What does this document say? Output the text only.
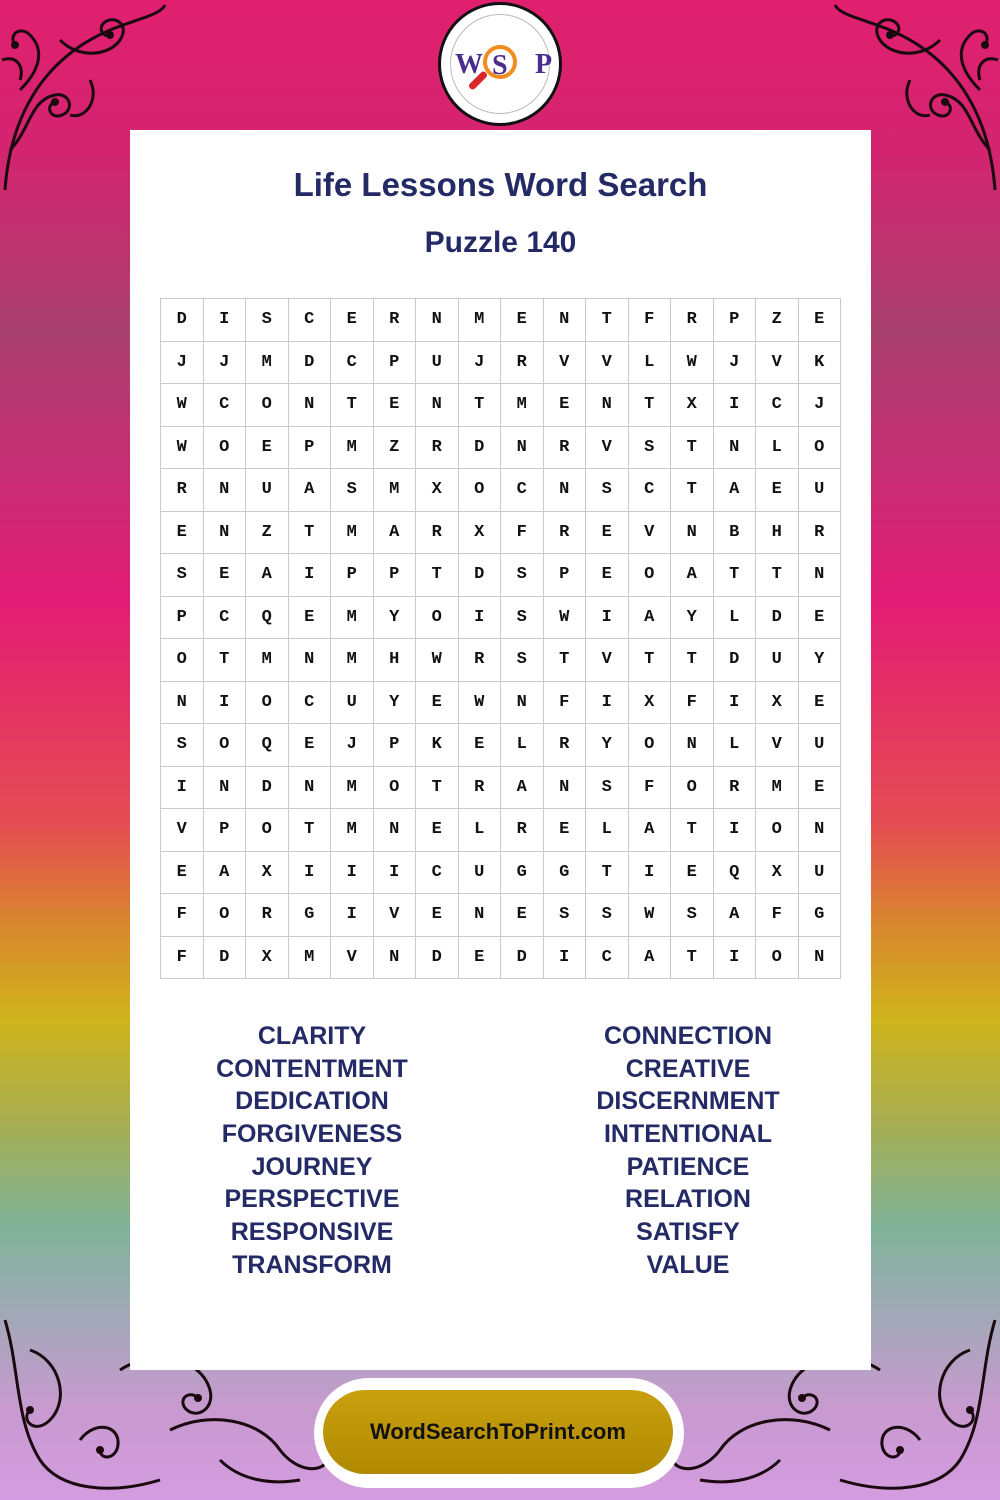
W S P
Life Lessons Word Search
Puzzle 140
D	I	S	C	E	R	N	M	E	N	T	F	R	P	Z	E
J	J	M	D	C	P	U	J	R	V	V	L	W	J	V	K
W	C	O	N	T	E	N	T	M	E	N	T	X	I	C	J
W	O	E	P	M	Z	R	D	N	R	V	S	T	N	L	O
R	N	U	A	S	M	X	O	C	N	S	C	T	A	E	U
E	N	Z	T	M	A	R	X	F	R	E	V	N	B	H	R
S	E	A	I	P	P	T	D	S	P	E	O	A	T	T	N
P	C	Q	E	M	Y	O	I	S	W	I	A	Y	L	D	E
O	T	M	N	M	H	W	R	S	T	V	T	T	D	U	Y
N	I	O	C	U	Y	E	W	N	F	I	X	F	I	X	E
S	O	Q	E	J	P	K	E	L	R	Y	O	N	L	V	U
I	N	D	N	M	O	T	R	A	N	S	F	O	R	M	E
V	P	O	T	M	N	E	L	R	E	L	A	T	I	O	N
E	A	X	I	I	I	C	U	G	G	T	I	E	Q	X	U
F	O	R	G	I	V	E	N	E	S	S	W	S	A	F	G
F	D	X	M	V	N	D	E	D	I	C	A	T	I	O	N
CLARITY
CONTENTMENT
DEDICATION
FORGIVENESS
JOURNEY
PERSPECTIVE
RESPONSIVE
TRANSFORM
CONNECTION
CREATIVE
DISCERNMENT
INTENTIONAL
PATIENCE
RELATION
SATISFY
VALUE
WordSearchToPrint.com
